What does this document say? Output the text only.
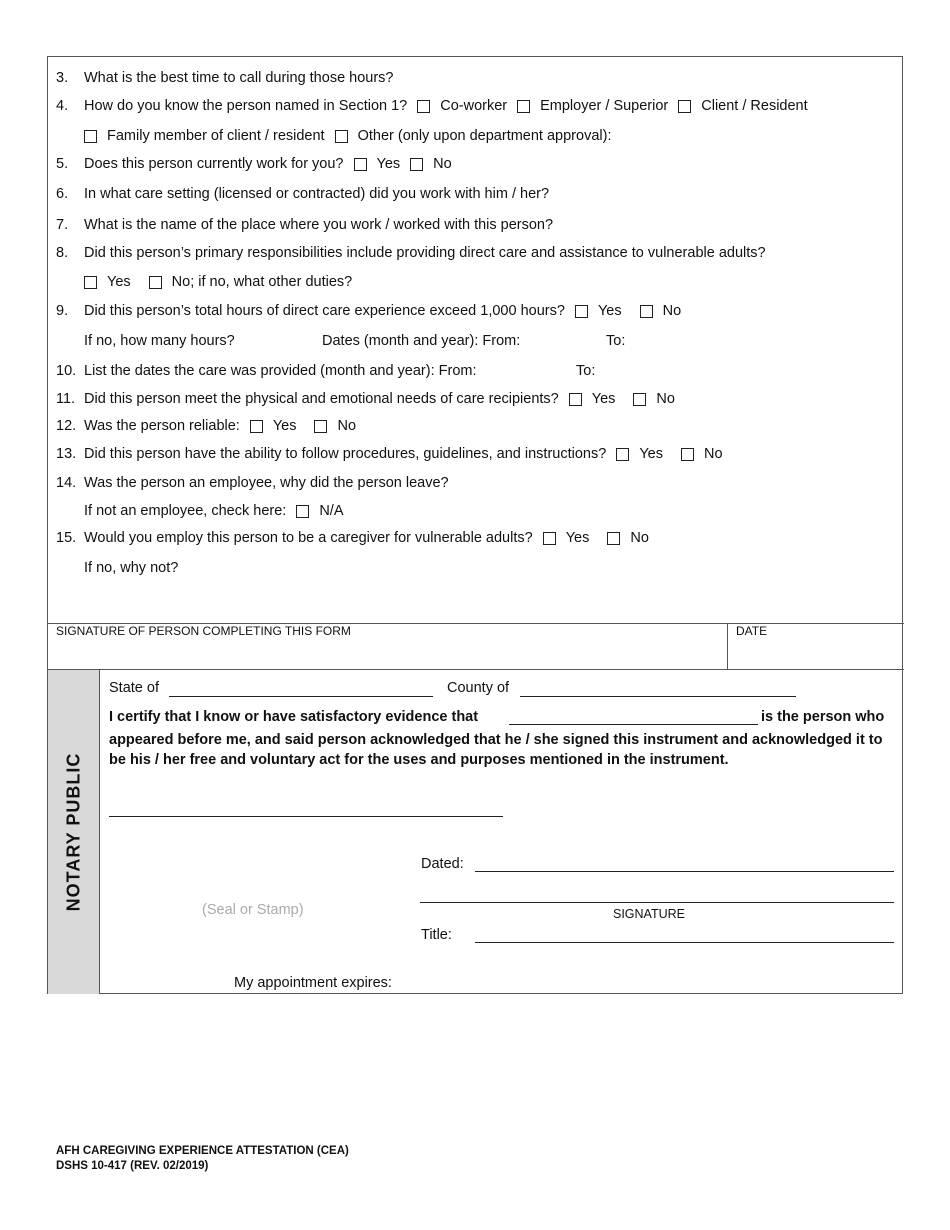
3.	What is the best time to call during those hours?
4.	How do you know the person named in Section 1? Co-worker Employer / Superior Client / Resident
Family member of client / resident Other (only upon department approval):
5.	Does this person currently work for you? Yes No
6.	In what care setting (licensed or contracted) did you work with him / her?
7.	What is the name of the place where you work / worked with this person?
8.	Did this person’s primary responsibilities include providing direct care and assistance to vulnerable adults?
Yes	No; if no, what other duties?
9.	Did this person’s total hours of direct care experience exceed 1,000 hours? Yes	No
If no, how many hours?	Dates (month and year): From:	To:
10. List the dates the care was provided (month and year): From:	To:
11. Did this person meet the physical and emotional needs of care recipients? Yes	No
12. Was the person reliable: Yes	No
13. Did this person have the ability to follow procedures, guidelines, and instructions? Yes	No
14. Was the person an employee, why did the person leave?
If not an employee, check here: N/A
15. Would you employ this person to be a caregiver for vulnerable adults? Yes	No
If no, why not?
SIGNATURE OF PERSON COMPLETING THIS FORM	DATE
NOTARY PUBLIC
State of	County of
I certify that I know or have satisfactory evidence that	is the person who
appeared before me, and said person acknowledged that he / she signed this instrument and acknowledged it to be his / her free and voluntary act for the uses and purposes mentioned in the instrument.
Dated:
SIGNATURE
(Seal or Stamp)
Title:
My appointment expires:
AFH CAREGIVING EXPERIENCE ATTESTATION (CEA)
DSHS 10-417 (REV. 02/2019)
